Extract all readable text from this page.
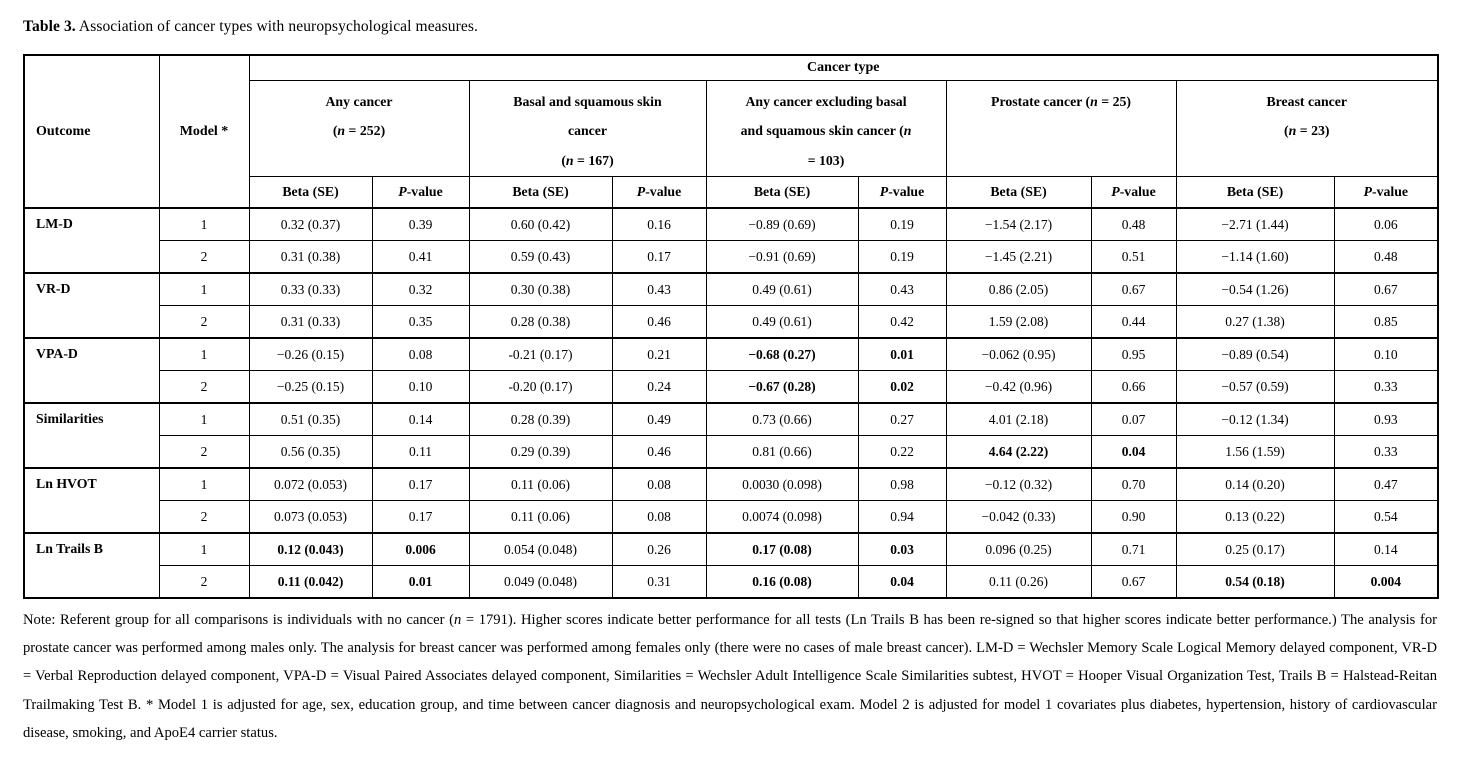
Table 3. Association of cancer types with neuropsychological measures.

Outcome	Model *	Cancer type									
		Any cancer
(n = 252)		Basal and squamous skin
cancer
(n = 167)		Any cancer excluding basal
and squamous skin cancer (n
= 103)		Prostate cancer (n = 25)		Breast cancer
(n = 23)	
		Beta (SE)	P-value	Beta (SE)	P-value	Beta (SE)	P-value	Beta (SE)	P-value	Beta (SE)	P-value
LM-D	1	0.32 (0.37)	0.39	0.60 (0.42)	0.16	−0.89 (0.69)	0.19	−1.54 (2.17)	0.48	−2.71 (1.44)	0.06
	2	0.31 (0.38)	0.41	0.59 (0.43)	0.17	−0.91 (0.69)	0.19	−1.45 (2.21)	0.51	−1.14 (1.60)	0.48
VR-D	1	0.33 (0.33)	0.32	0.30 (0.38)	0.43	0.49 (0.61)	0.43	0.86 (2.05)	0.67	−0.54 (1.26)	0.67
	2	0.31 (0.33)	0.35	0.28 (0.38)	0.46	0.49 (0.61)	0.42	1.59 (2.08)	0.44	0.27 (1.38)	0.85
VPA-D	1	−0.26 (0.15)	0.08	-0.21 (0.17)	0.21	−0.68 (0.27)	0.01	−0.062 (0.95)	0.95	−0.89 (0.54)	0.10
	2	−0.25 (0.15)	0.10	-0.20 (0.17)	0.24	−0.67 (0.28)	0.02	−0.42 (0.96)	0.66	−0.57 (0.59)	0.33
Similarities	1	0.51 (0.35)	0.14	0.28 (0.39)	0.49	0.73 (0.66)	0.27	4.01 (2.18)	0.07	−0.12 (1.34)	0.93
	2	0.56 (0.35)	0.11	0.29 (0.39)	0.46	0.81 (0.66)	0.22	4.64 (2.22)	0.04	1.56 (1.59)	0.33
Ln HVOT	1	0.072 (0.053)	0.17	0.11 (0.06)	0.08	0.0030 (0.098)	0.98	−0.12 (0.32)	0.70	0.14 (0.20)	0.47
	2	0.073 (0.053)	0.17	0.11 (0.06)	0.08	0.0074 (0.098)	0.94	−0.042 (0.33)	0.90	0.13 (0.22)	0.54
Ln Trails B	1	0.12 (0.043)	0.006	0.054 (0.048)	0.26	0.17 (0.08)	0.03	0.096 (0.25)	0.71	0.25 (0.17)	0.14
	2	0.11 (0.042)	0.01	0.049 (0.048)	0.31	0.16 (0.08)	0.04	0.11 (0.26)	0.67	0.54 (0.18)	0.004

Note: Referent group for all comparisons is individuals with no cancer (n = 1791). Higher scores indicate better performance for all tests (Ln Trails B has been re-signed so that higher scores indicate better performance.) The analysis for prostate cancer was performed among males only. The analysis for breast cancer was performed among females only (there were no cases of male breast cancer). LM-D = Wechsler Memory Scale Logical Memory delayed component, VR-D = Verbal Reproduction delayed component, VPA-D = Visual Paired Associates delayed component, Similarities = Wechsler Adult Intelligence Scale Similarities subtest, HVOT = Hooper Visual Organization Test, Trails B = Halstead-Reitan Trailmaking Test B. * Model 1 is adjusted for age, sex, education group, and time between cancer diagnosis and neuropsychological exam. Model 2 is adjusted for model 1 covariates plus diabetes, hypertension, history of cardiovascular disease, smoking, and ApoE4 carrier status.
